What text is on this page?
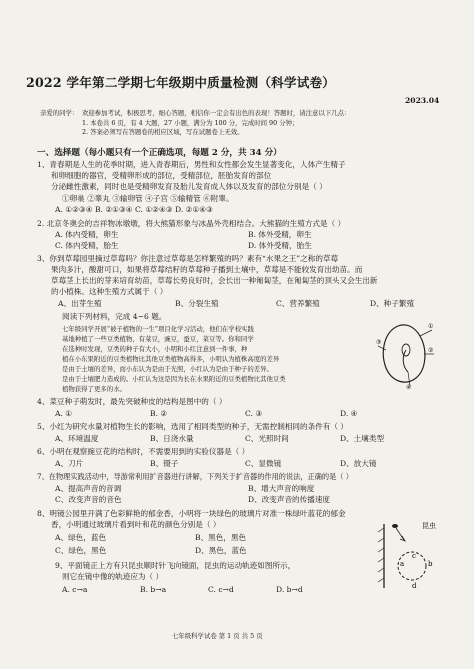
2022 学年第二学期七年级期中质量检测（科学试卷）
2023.04
亲爱的同学： 欢迎参加考试，积极思考，细心答题，相信你一定会有出色的表现！答题时，请注意以下几点：
1. 本卷共 6 页，有 4 大题，27 小题，满分为 100 分，完成时间 90 分钟；
2. 答案必须写在答题卷的相应区域，写在试题卷上无效。
一、选择题（每小题只有一个正确选项，每题 2 分，共 34 分）
1、青春期是人生的花季时期，进入青春期后，男性和女性都会发生显著变化，人体产生精子
和卵细胞的器官，受精卵形成的部位，受精部位，胚胎发育的部位
分泌雌性激素，同时也是受精卵发育及胎儿发育成人体以及发育的部位分别是（ ）
①卵巢 ②睾丸 ③输卵管 ④子宫 ⑤输精管 ⑥附睾。
A. ①②③④ B. ②①③④ C. ①②④③ D. ②①④③
2. 北京冬奥会的吉祥物冰墩墩，将大熊猫形象与冰晶外壳相结合。大熊猫的生殖方式是（ ）
A. 体内受精，卵生	B. 体外受精，卵生
C. 体内受精，胎生	D. 体外受精，胎生
3、你到草莓园里摘过草莓吗？你注意过草莓是怎样繁殖的吗？素有“水果之王”之称的草莓
果肉多汁，酸甜可口，如果将草莓结籽的草莓种子播到土壤中，草莓是不能较发育出幼苗。而
草莓茎上长出的芽来培育幼苗，草莓长势良好时，会长出一种匍匐茎，在匍匐茎的顶头又会生出新
的小植株。这种生殖方式属于（ ）
A、出芽生殖	B、分裂生殖	C、营养繁殖	D、种子繁殖
阅读下列材料，完成 4~6 题。
七年级同学开展“被子植物的一生”项目化学习活动，他们在学校实践
基地种植了一些豆类植物，有菜豆，豌豆，蚕豆，菜豆等。你和同学
在选种时发现，豆类的种子有大小，小明和小红注意到一件事，种
植在小东果附近的豆类植物比其他豆类植物高得多，小明认为植株高度的差异
是由于土壤的差异，而小东认为是由于光照，小红认为是由于种子的差异。
是由于土壤肥力造成的。小红认为这是因为长在水果附近的豆类植物比其他豆类
植物获得了更多的水。
①
②
③
④
4、菜豆种子萌发时，最先突破种皮的结构是图中的（ ）
A. ①	B. ②	C. ③	D. ④
5、小红为研究水量对植物生长的影响，选用了相同类型的种子，无需控制相同的条件有（ ）
A、环境温度	B、日浇水量	C、光照时间	D、土壤类型
6、小明在观察豌豆花的结构时，不需要用到的实验仪器是（ ）
A、刀片	B、镊子	C、显微镜	D、放大镜
7、在物理实践活动中，导游常利用扩音器进行讲解，下列关于扩音器的作用的说法，正确的是（ ）
A、提高声音的音调	B、增大声音的响度
C、改变声音的音色	D、改变声音的传播速度
8、明镜公园里开满了色彩鲜艳的郁金香，小明将一块绿色的玻璃片对准一株绿叶蓝花的郁金
香，小明通过玻璃片看到叶和花的颜色分别是（ ）
A、绿色，蓝色	B、黑色，黑色
C、绿色，黑色	D、黑色，蓝色
9、平面镜正上方有只昆虫顺时针飞向镜面，昆虫的运动轨迹如图所示，
则它在镜中像的轨迹应为（ ）
A. c→a	B. b→a	C. c→d	D. b→d
昆虫
a	b
c
d
七年级科学试卷 第 1 页 共 5 页
